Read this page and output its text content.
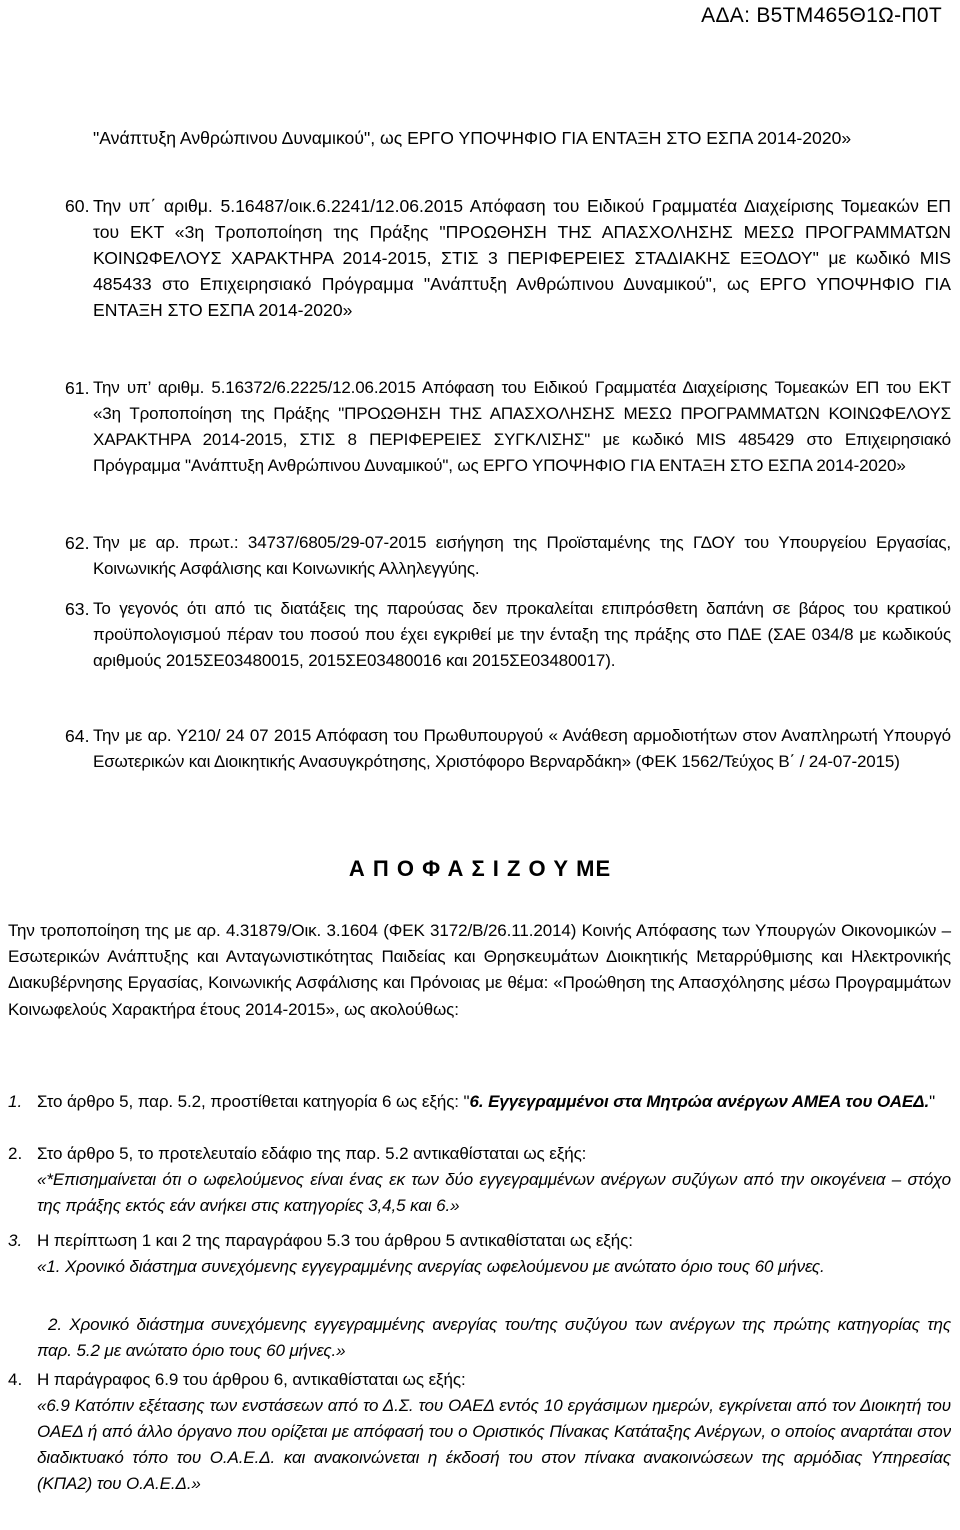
ΑΔΑ: Β5ΤΜ465Θ1Ω-Π0Τ
"Ανάπτυξη Ανθρώπινου Δυναμικού", ως ΕΡΓΟ ΥΠΟΨΗΦΙΟ ΓΙΑ ΕΝΤΑΞΗ ΣΤΟ ΕΣΠΑ 2014-2020»
60. Την υπ΄ αριθμ. 5.16487/οικ.6.2241/12.06.2015 Απόφαση του Ειδικού Γραμματέα Διαχείρισης Τομεακών ΕΠ του ΕΚΤ «3η Τροποποίηση της Πράξης "ΠΡΟΩΘΗΣΗ ΤΗΣ ΑΠΑΣΧΟΛΗΣΗΣ ΜΕΣΩ ΠΡΟΓΡΑΜΜΑΤΩΝ ΚΟΙΝΩΦΕΛΟΥΣ ΧΑΡΑΚΤΗΡΑ 2014-2015, ΣΤΙΣ 3 ΠΕΡΙΦΕΡΕΙΕΣ ΣΤΑΔΙΑΚΗΣ ΕΞΟΔΟΥ" με κωδικό MIS 485433 στο Επιχειρησιακό Πρόγραμμα "Ανάπτυξη Ανθρώπινου Δυναμικού", ως ΕΡΓΟ ΥΠΟΨΗΦΙΟ ΓΙΑ ΕΝΤΑΞΗ ΣΤΟ ΕΣΠΑ 2014-2020»
61. Την υπ’ αριθμ. 5.16372/6.2225/12.06.2015 Απόφαση του Ειδικού Γραμματέα Διαχείρισης Τομεακών ΕΠ του ΕΚΤ «3η Τροποποίηση της Πράξης "ΠΡΟΩΘΗΣΗ ΤΗΣ ΑΠΑΣΧΟΛΗΣΗΣ ΜΕΣΩ ΠΡΟΓΡΑΜΜΑΤΩΝ ΚΟΙΝΩΦΕΛΟΥΣ ΧΑΡΑΚΤΗΡΑ 2014-2015, ΣΤΙΣ 8 ΠΕΡΙΦΕΡΕΙΕΣ ΣΥΓΚΛΙΣΗΣ" με κωδικό MIS 485429 στο Επιχειρησιακό Πρόγραμμα "Ανάπτυξη Ανθρώπινου Δυναμικού", ως ΕΡΓΟ ΥΠΟΨΗΦΙΟ ΓΙΑ ΕΝΤΑΞΗ ΣΤΟ ΕΣΠΑ 2014-2020»
62. Την με αρ. πρωτ.: 34737/6805/29-07-2015 εισήγηση της Προϊσταμένης της ΓΔΟΥ του Υπουργείου Εργασίας, Κοινωνικής Ασφάλισης και Κοινωνικής Αλληλεγγύης.
63. Το γεγονός ότι από τις διατάξεις της παρούσας δεν προκαλείται επιπρόσθετη δαπάνη σε βάρος του κρατικού προϋπολογισμού πέραν του ποσού που έχει εγκριθεί με την ένταξη της πράξης στο ΠΔΕ (ΣΑΕ 034/8 με κωδικούς αριθμούς 2015ΣΕ03480015, 2015ΣΕ03480016 και 2015ΣΕ03480017).
64. Την με αρ. Υ210/ 24 07 2015 Απόφαση του Πρωθυπουργού « Ανάθεση αρμοδιοτήτων στον Αναπληρωτή Υπουργό Εσωτερικών και Διοικητικής Ανασυγκρότησης, Χριστόφορο Βερναρδάκη» (ΦΕΚ 1562/Τεύχος Β΄ / 24-07-2015)
Α Π Ο Φ Α Σ Ι Ζ Ο Υ ΜΕ
Την τροποποίηση της με αρ. 4.31879/Οικ. 3.1604 (ΦΕΚ 3172/Β/26.11.2014) Κοινής Απόφασης των Υπουργών Οικονομικών – Εσωτερικών Ανάπτυξης και Ανταγωνιστικότητας Παιδείας και Θρησκευμάτων Διοικητικής Μεταρρύθμισης και Ηλεκτρονικής Διακυβέρνησης Εργασίας, Κοινωνικής Ασφάλισης και Πρόνοιας με θέμα: «Προώθηση της Απασχόλησης μέσω Προγραμμάτων Κοινωφελούς Χαρακτήρα έτους 2014-2015», ως ακολούθως:
1. Στο άρθρο 5, παρ. 5.2, προστίθεται κατηγορία 6 ως εξής: "6. Εγγεγραμμένοι στα Μητρώα ανέργων ΑΜΕΑ του ΟΑΕΔ."
2. Στο άρθρο 5, το προτελευταίο εδάφιο της παρ. 5.2 αντικαθίσταται ως εξής:
«*Επισημαίνεται ότι ο ωφελούμενος είναι ένας εκ των δύο εγγεγραμμένων ανέργων συζύγων από την οικογένεια – στόχο της πράξης εκτός εάν ανήκει στις κατηγορίες 3,4,5 και 6.»
3. Η περίπτωση 1 και 2 της παραγράφου 5.3 του άρθρου 5 αντικαθίσταται ως εξής:
«1. Χρονικό διάστημα συνεχόμενης εγγεγραμμένης ανεργίας ωφελούμενου με ανώτατο όριο τους 60 μήνες.
2. Χρονικό διάστημα συνεχόμενης εγγεγραμμένης ανεργίας του/της συζύγου των ανέργων της πρώτης κατηγορίας της παρ. 5.2 με ανώτατο όριο τους 60 μήνες.»
4. Η παράγραφος 6.9 του άρθρου 6, αντικαθίσταται ως εξής:
«6.9 Κατόπιν εξέτασης των ενστάσεων από το Δ.Σ. του ΟΑΕΔ εντός 10 εργάσιμων ημερών, εγκρίνεται από τον Διοικητή του ΟΑΕΔ ή από άλλο όργανο που ορίζεται με απόφασή του ο Οριστικός Πίνακας Κατάταξης Ανέργων, ο οποίος αναρτάται στον διαδικτυακό τόπο του Ο.Α.Ε.Δ. και ανακοινώνεται η έκδοσή του στον πίνακα ανακοινώσεων της αρμόδιας Υπηρεσίας (ΚΠΑ2) του Ο.Α.Ε.Δ.»
